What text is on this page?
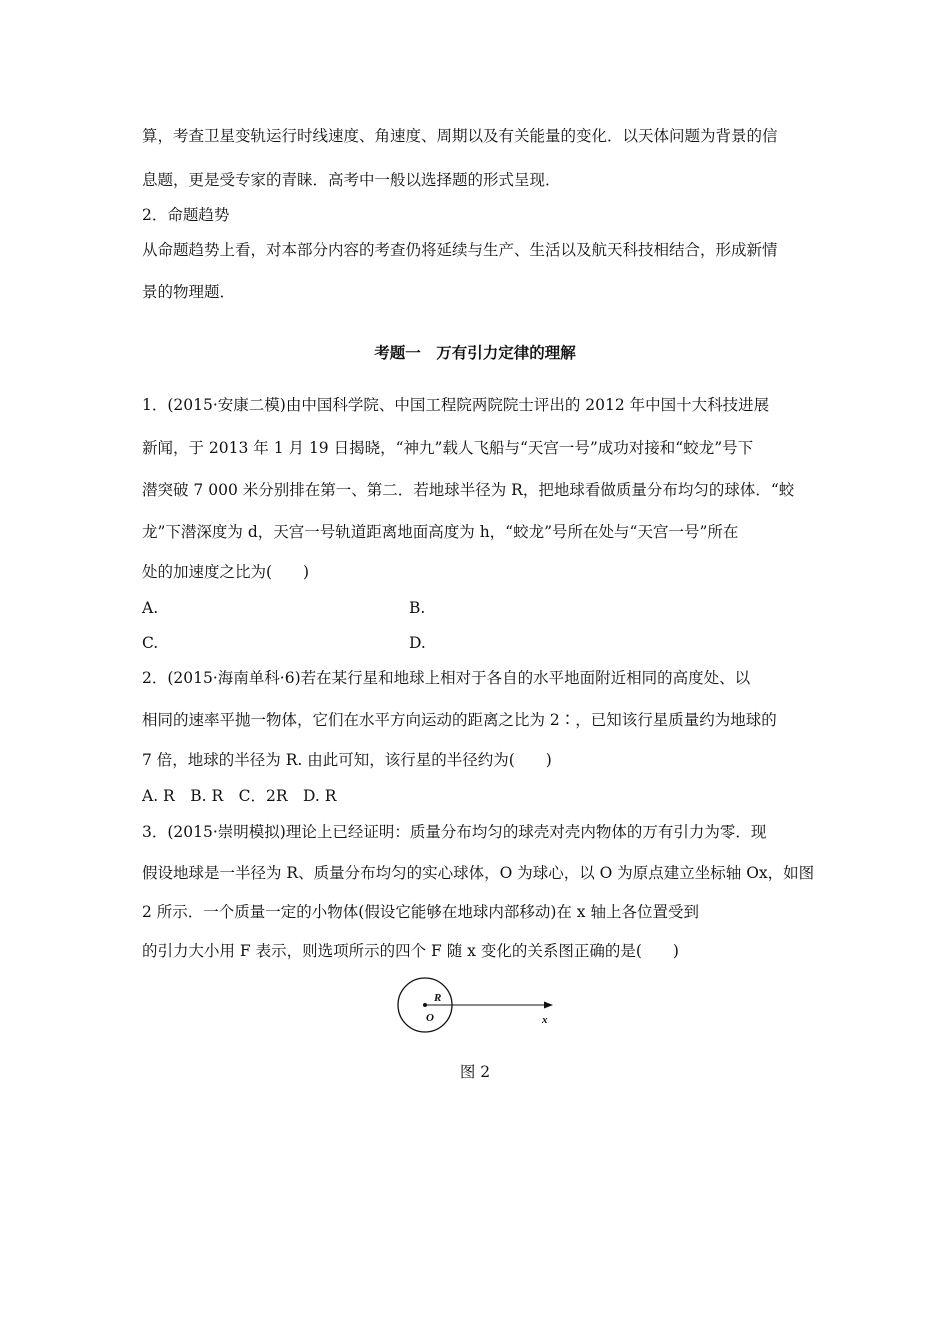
算，考查卫星变轨运行时线速度、角速度、周期以及有关能量的变化．以天体问题为背景的信
息题，更是受专家的青睐．高考中一般以选择题的形式呈现．
2．命题趋势
从命题趋势上看，对本部分内容的考查仍将延续与生产、生活以及航天科技相结合，形成新情
景的物理题．
考题一　万有引力定律的理解
1．(2015·安康二模)由中国科学院、中国工程院两院院士评出的 2012 年中国十大科技进展
新闻，于 2013 年 1 月 19 日揭晓，“神九”载人飞船与“天宫一号”成功对接和“蛟龙”号下
潜突破 7 000 米分别排在第一、第二．若地球半径为 R，把地球看做质量分布均匀的球体．“蛟
龙”下潜深度为 d，天宫一号轨道距离地面高度为 h，“蛟龙”号所在处与“天宫一号”所在
处的加速度之比为(　　)
A.	B.
C.	D.
2．(2015·海南单科·6)若在某行星和地球上相对于各自的水平地面附近相同的高度处、以
相同的速率平抛一物体，它们在水平方向运动的距离之比为 2∶，已知该行星质量约为地球的
7 倍，地球的半径为 R. 由此可知，该行星的半径约为(　　)
A. R　B. R　C．2R　D. R
3．(2015·崇明模拟)理论上已经证明：质量分布均匀的球壳对壳内物体的万有引力为零．现
假设地球是一半径为 R、质量分布均匀的实心球体，O 为球心，以 O 为原点建立坐标轴 Ox，如图
2 所示．一个质量一定的小物体(假设它能够在地球内部移动)在 x 轴上各位置受到
的引力大小用 F 表示，则选项所示的四个 F 随 x 变化的关系图正确的是(　　)
R
O	x
图 2
